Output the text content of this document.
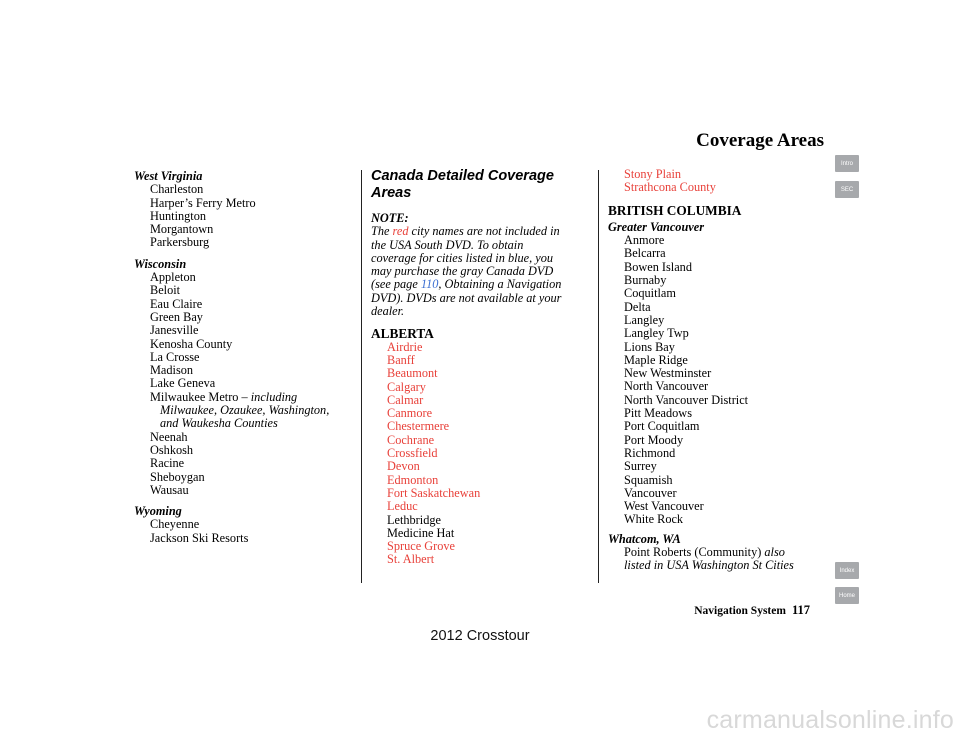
Coverage Areas
West Virginia
Charleston
Harper’s Ferry Metro
Huntington
Morgantown
Parkersburg
Wisconsin
Appleton
Beloit
Eau Claire
Green Bay
Janesville
Kenosha County
La Crosse
Madison
Lake Geneva
Milwaukee Metro – including
Milwaukee, Ozaukee, Washington,
and Waukesha Counties
Neenah
Oshkosh
Racine
Sheboygan
Wausau
Wyoming
Cheyenne
Jackson Ski Resorts
Canada Detailed Coverage
Areas
NOTE:
The red city names are not included in
the USA South DVD. To obtain
coverage for cities listed in blue, you
may purchase the gray Canada DVD
(see page 110, Obtaining a Navigation
DVD). DVDs are not available at your
dealer.
ALBERTA
Airdrie
Banff
Beaumont
Calgary
Calmar
Canmore
Chestermere
Cochrane
Crossfield
Devon
Edmonton
Fort Saskatchewan
Leduc
Lethbridge
Medicine Hat
Spruce Grove
St. Albert
Stony Plain
Strathcona County
BRITISH COLUMBIA
Greater Vancouver
Anmore
Belcarra
Bowen Island
Burnaby
Coquitlam
Delta
Langley
Langley Twp
Lions Bay
Maple Ridge
New Westminster
North Vancouver
North Vancouver District
Pitt Meadows
Port Coquitlam
Port Moody
Richmond
Surrey
Squamish
Vancouver
West Vancouver
White Rock
Whatcom, WA
Point Roberts (Community) also
listed in USA Washington St Cities
Intro
SEC
Index
Home
Navigation System 117
2012 Crosstour
carmanualsonline.info
